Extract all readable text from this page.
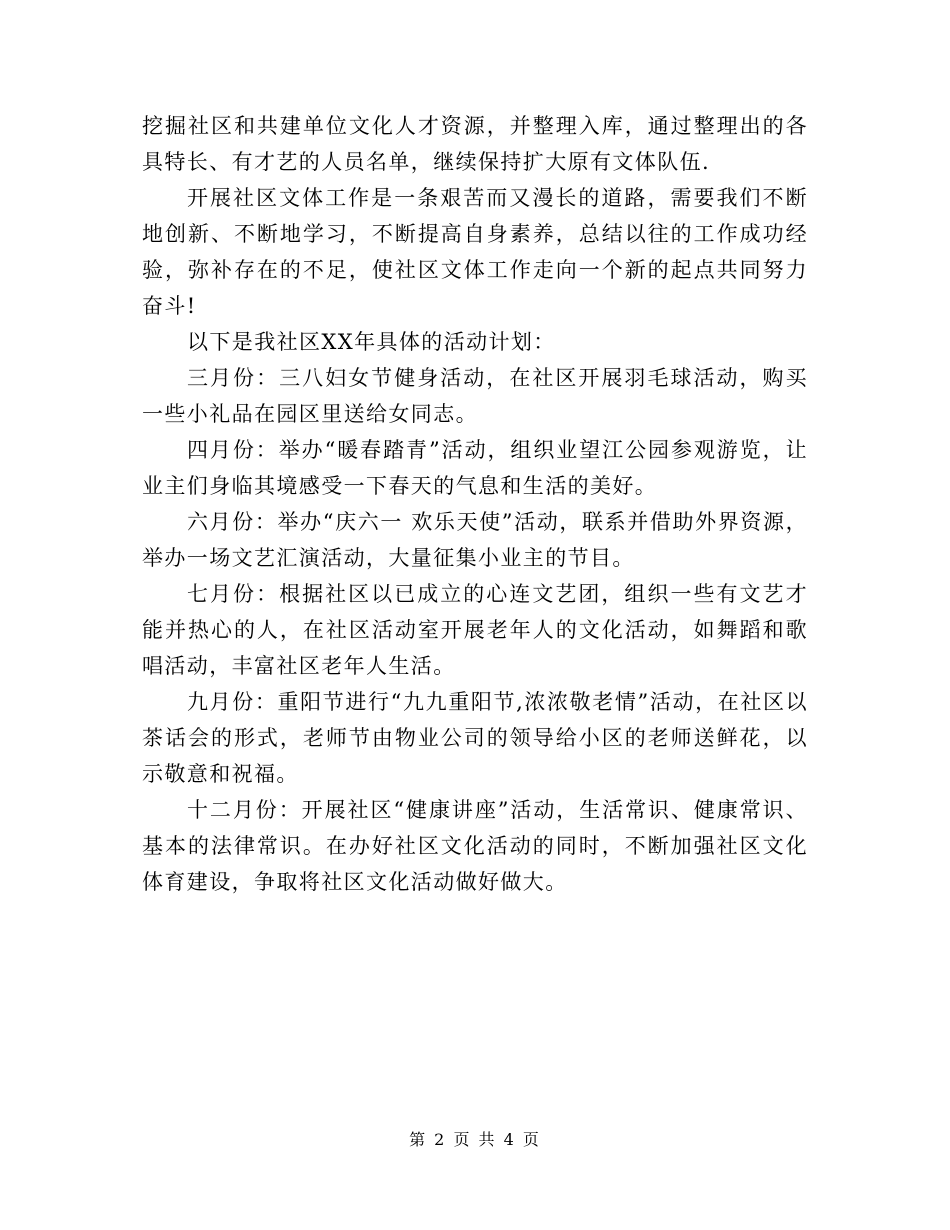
挖掘社区和共建单位文化人才资源，并整理入库，通过整理出的各具特长、有才艺的人员名单，继续保持扩大原有文体队伍.

开展社区文体工作是一条艰苦而又漫长的道路，需要我们不断地创新、不断地学习，不断提高自身素养，总结以往的工作成功经验，弥补存在的不足，使社区文体工作走向一个新的起点共同努力奋斗!

以下是我社区XX年具体的活动计划：

三月份：三八妇女节健身活动，在社区开展羽毛球活动，购买一些小礼品在园区里送给女同志。

四月份：举办“暖春踏青”活动，组织业望江公园参观游览，让业主们身临其境感受一下春天的气息和生活的美好。

六月份：举办“庆六一 欢乐天使”活动，联系并借助外界资源，举办一场文艺汇演活动，大量征集小业主的节目。

七月份：根据社区以已成立的心连文艺团，组织一些有文艺才能并热心的人，在社区活动室开展老年人的文化活动，如舞蹈和歌唱活动，丰富社区老年人生活。

九月份：重阳节进行“九九重阳节,浓浓敬老情”活动，在社区以茶话会的形式，老师节由物业公司的领导给小区的老师送鲜花，以示敬意和祝福。

十二月份：开展社区“健康讲座”活动，生活常识、健康常识、基本的法律常识。在办好社区文化活动的同时，不断加强社区文化体育建设，争取将社区文化活动做好做大。

第 2 页 共 4 页
